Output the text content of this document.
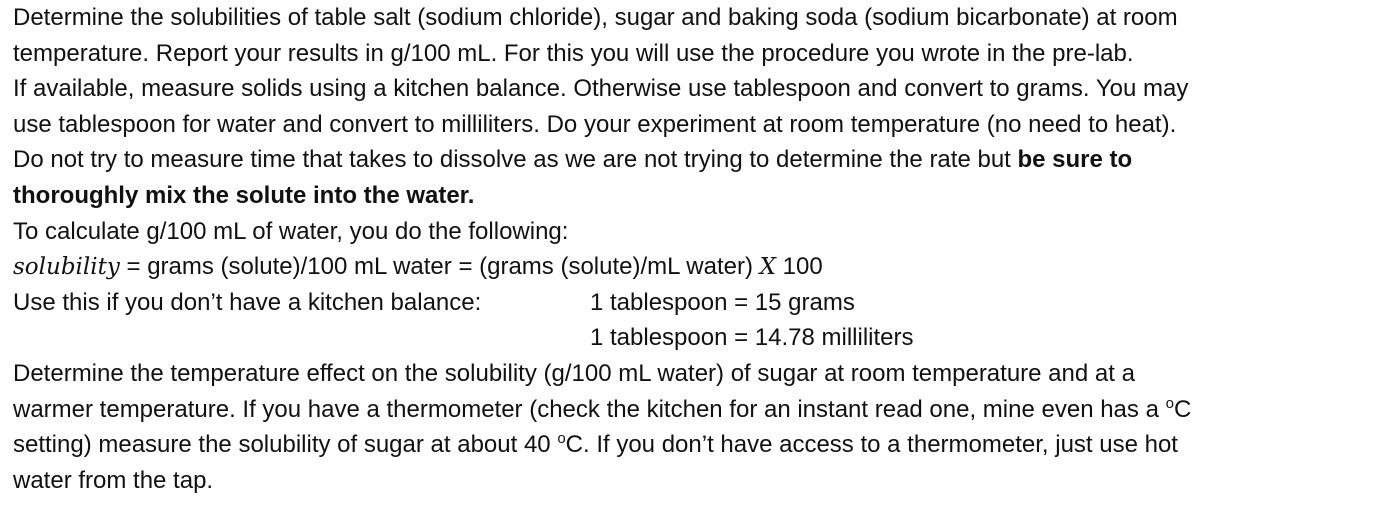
Determine the solubilities of table salt (sodium chloride), sugar and baking soda (sodium bicarbonate) at room
temperature. Report your results in g/100 mL. For this you will use the procedure you wrote in the pre-lab.
If available, measure solids using a kitchen balance. Otherwise use tablespoon and convert to grams. You may
use tablespoon for water and convert to milliliters. Do your experiment at room temperature (no need to heat).
Do not try to measure time that takes to dissolve as we are not trying to determine the rate but be sure to
thoroughly mix the solute into the water.
To calculate g/100 mL of water, you do the following:
solubility = grams (solute)/100 mL water = (grams (solute)/mL water) X 100
Use this if you don’t have a kitchen balance:	1 tablespoon = 15 grams
1 tablespoon = 14.78 milliliters
Determine the temperature effect on the solubility (g/100 mL water) of sugar at room temperature and at a
warmer temperature. If you have a thermometer (check the kitchen for an instant read one, mine even has a $^o$C
setting) measure the solubility of sugar at about 40 $^o$C. If you don’t have access to a thermometer, just use hot
water from the tap.
